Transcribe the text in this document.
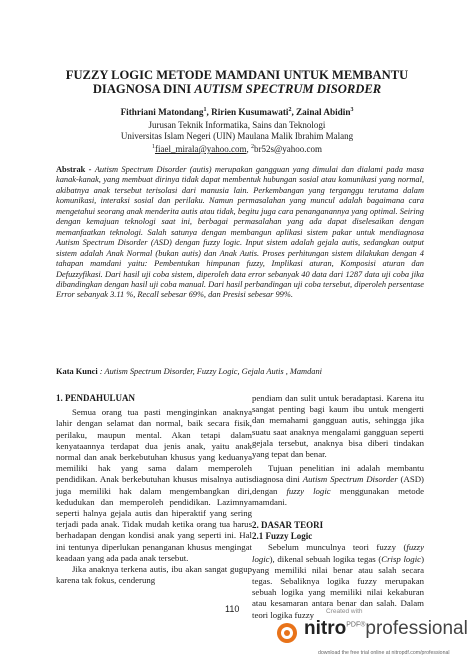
FUZZY LOGIC METODE MAMDANI UNTUK MEMBANTU
DIAGNOSA DINI AUTISM SPECTRUM DISORDER
Fithriani Matondang$^1$, Ririen Kusumawati$^2$, Zainal Abidin$^3$
Jurusan Teknik Informatika, Sains dan Teknologi
Universitas Islam Negeri (UIN) Maulana Malik Ibrahim Malang
$^1$fiael_mirala@yahoo.com, $^2$br52s@yahoo.com
Abstrak - Autism Spectrum Disorder (autis) merupakan gangguan yang dimulai dan dialami pada masa kanak-kanak, yang membuat dirinya tidak dapat membentuk hubungan sosial atau komunikasi yang normal, akibatnya anak tersebut terisolasi dari manusia lain. Perkembangan yang terganggu terutama dalam komunikasi, interaksi sosial dan perilaku. Namun permasalahan yang muncul adalah bagaimana cara mengetahui seorang anak menderita autis atau tidak, begitu juga cara penanganannya yang optimal. Seiring dengan kemajuan teknologi saat ini, berbagai permasalahan yang ada dapat diselesaikan dengan memanfaatkan teknologi. Salah satunya dengan membangun aplikasi sistem pakar untuk mendiagnosa Autism Spectrum Disorder (ASD) dengan fuzzy logic. Input sistem adalah gejala autis, sedangkan output sistem adalah Anak Normal (bukan autis) dan Anak Autis. Proses perhitungan sistem dilakukan dengan 4 tahapan mamdani yaitu: Pembentukan himpunan fuzzy, Implikasi aturan, Komposisi aturan dan Defuzzyfikasi. Dari hasil uji coba sistem, diperoleh data error sebanyak 40 data dari 1287 data uji coba jika dibandingkan dengan hasil uji coba manual. Dari hasil perbandingan uji coba tersebut, diperoleh persentase Error sebanyak 3.11 %, Recall sebesar 69%, dan Presisi sebesar 99%.
Kata Kunci : Autism Spectrum Disorder, Fuzzy Logic, Gejala Autis , Mamdani

1. PENDAHULUAN

Semua orang tua pasti menginginkan anaknya lahir dengan selamat dan normal, baik secara fisik, perilaku, maupun mental. Akan tetapi dalam kenyataannya terdapat dua jenis anak, yaitu anak normal dan anak berkebutuhan khusus yang keduanya memiliki hak yang sama dalam memperoleh pendidikan. Anak berkebutuhan khusus misalnya autis juga memiliki hak dalam mengembangkan diri, kedudukan dan memperoleh pendidikan. Lazimnya seperti halnya gejala autis dan hiperaktif yang sering terjadi pada anak. Tidak mudah ketika orang tua harus berhadapan dengan kondisi anak yang seperti ini. Hal ini tentunya diperlukan penanganan khusus mengingat keadaan yang ada pada anak tersebut.

Jika anaknya terkena autis, ibu akan sangat gugup karena tak fokus, cenderung

pendiam dan sulit untuk beradaptasi. Karena itu sangat penting bagi kaum ibu untuk mengerti dan memahami gangguan autis, sehingga jika suatu saat anaknya mengalami gangguan seperti gejala tersebut, anaknya bisa diberi tindakan yang tepat dan benar.

Tujuan penelitian ini adalah membantu diagnosa dini Autism Spectrum Disorder (ASD) dengan fuzzy logic menggunakan metode mamdani.

2. DASAR TEORI

2.1 Fuzzy Logic

Sebelum munculnya teori fuzzy (fuzzy logic), dikenal sebuah logika tegas (Crisp logic) yang memiliki nilai benar atau salah secara tegas. Sebaliknya logika fuzzy merupakan sebuah logika yang memiliki nilai kekaburan atau kesamaran antara benar dan salah. Dalam teori logika fuzzy

110	Created with
nitro$^{PDF®}$professional
download the free trial online at nitropdf.com/professional
